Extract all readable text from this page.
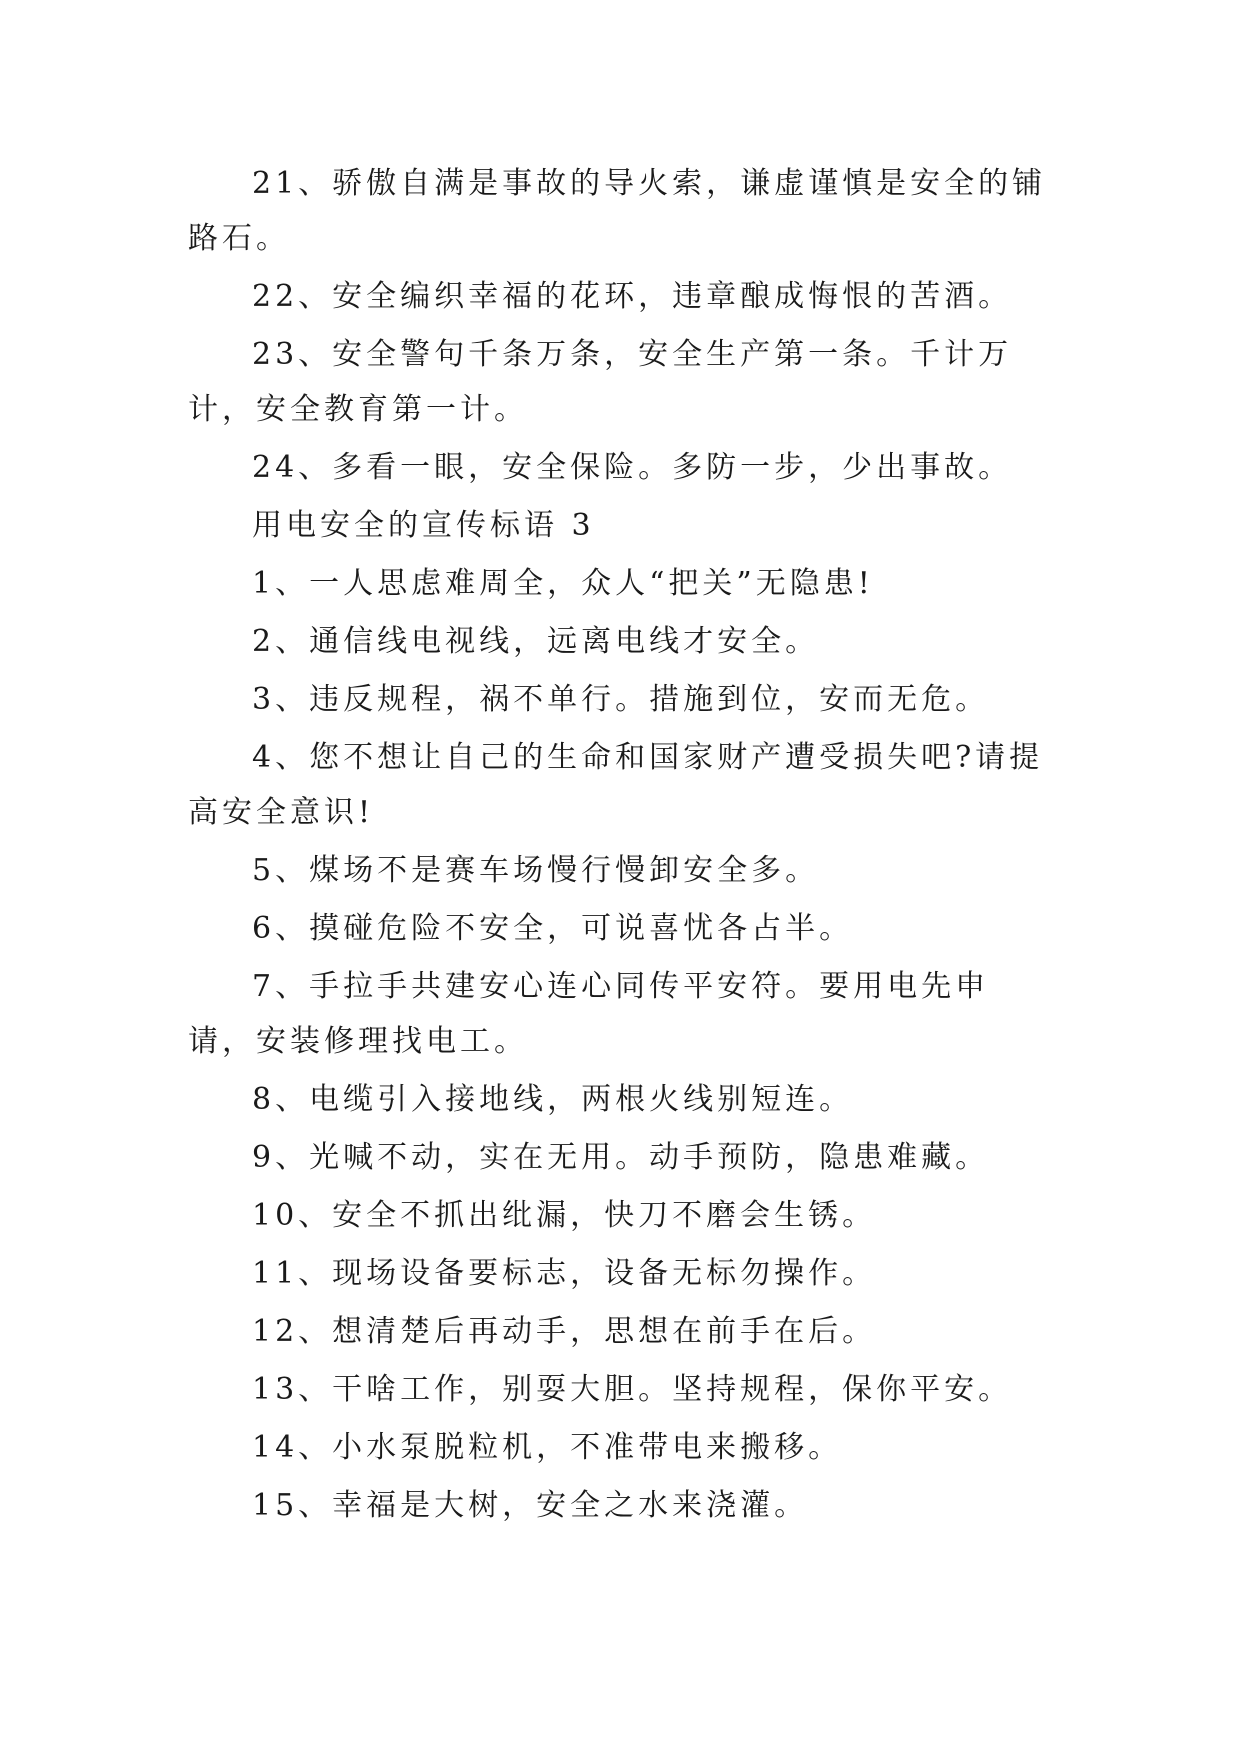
21、骄傲自满是事故的导火索，谦虚谨慎是安全的铺路石。

22、安全编织幸福的花环，违章酿成悔恨的苦酒。

23、安全警句千条万条，安全生产第一条。千计万计，安全教育第一计。

24、多看一眼，安全保险。多防一步，少出事故。

用电安全的宣传标语 3

1、一人思虑难周全，众人“把关”无隐患!

2、通信线电视线，远离电线才安全。

3、违反规程，祸不单行。措施到位，安而无危。

4、您不想让自己的生命和国家财产遭受损失吧?请提高安全意识!

5、煤场不是赛车场慢行慢卸安全多。

6、摸碰危险不安全，可说喜忧各占半。

7、手拉手共建安心连心同传平安符。要用电先申请，安装修理找电工。

8、电缆引入接地线，两根火线别短连。

9、光喊不动，实在无用。动手预防，隐患难藏。

10、安全不抓出纰漏，快刀不磨会生锈。

11、现场设备要标志，设备无标勿操作。

12、想清楚后再动手，思想在前手在后。

13、干啥工作，别耍大胆。坚持规程，保你平安。

14、小水泵脱粒机，不准带电来搬移。

15、幸福是大树，安全之水来浇灌。
